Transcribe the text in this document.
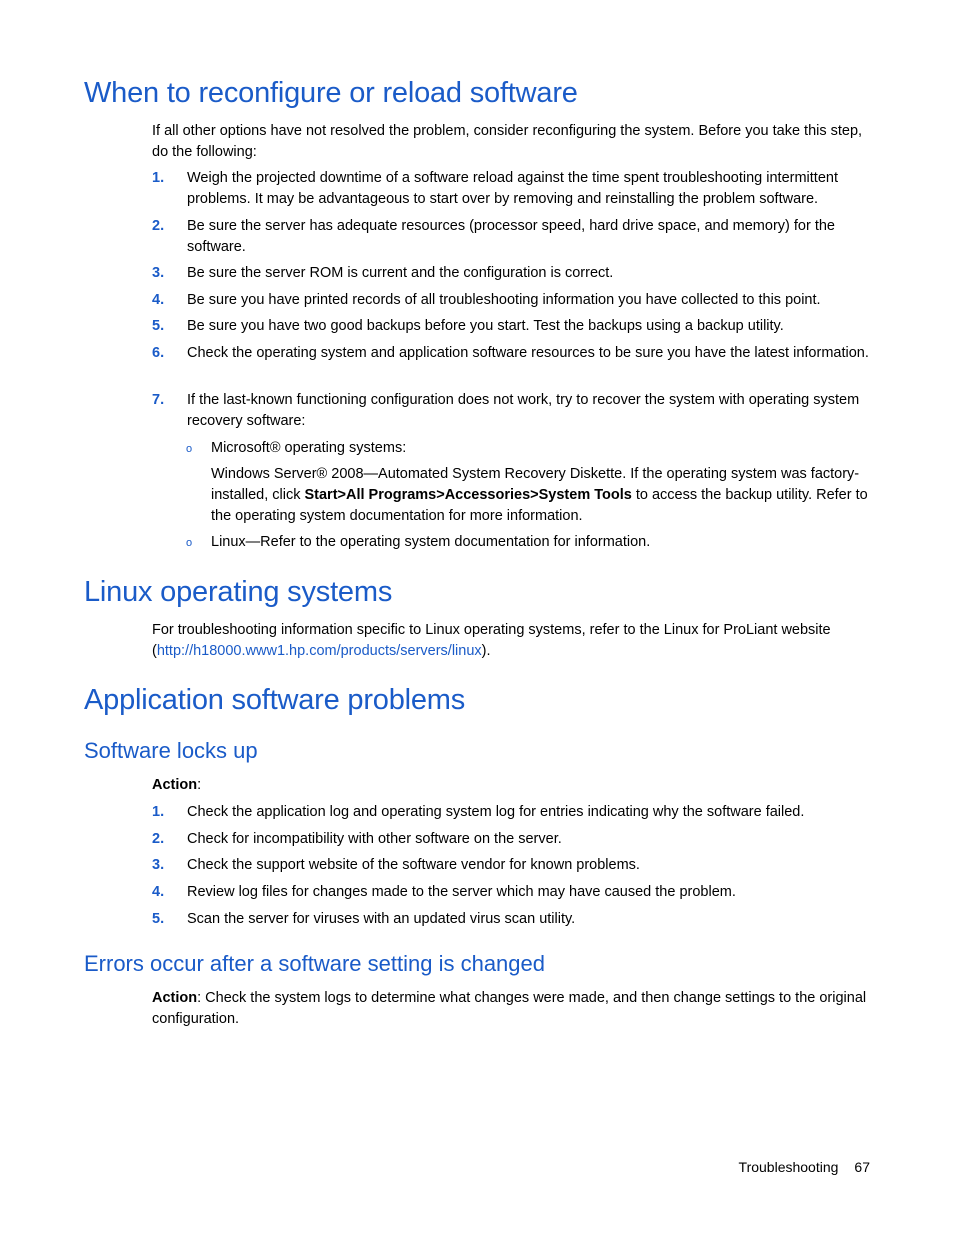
When to reconfigure or reload software

If all other options have not resolved the problem, consider reconfiguring the system. Before you take this step, do the following:

1. Weigh the projected downtime of a software reload against the time spent troubleshooting intermittent problems. It may be advantageous to start over by removing and reinstalling the problem software.

2. Be sure the server has adequate resources (processor speed, hard drive space, and memory) for the software.

3. Be sure the server ROM is current and the configuration is correct.

4. Be sure you have printed records of all troubleshooting information you have collected to this point.

5. Be sure you have two good backups before you start. Test the backups using a backup utility.

6. Check the operating system and application software resources to be sure you have the latest information.

7. If the last-known functioning configuration does not work, try to recover the system with operating system recovery software:

o Microsoft® operating systems:

Windows Server® 2008—Automated System Recovery Diskette. If the operating system was factory-installed, click Start>All Programs>Accessories>System Tools to access the backup utility. Refer to the operating system documentation for more information.

o Linux—Refer to the operating system documentation for information.

Linux operating systems

For troubleshooting information specific to Linux operating systems, refer to the Linux for ProLiant website (http://h18000.www1.hp.com/products/servers/linux).

Application software problems
Software locks up

Action:

1. Check the application log and operating system log for entries indicating why the software failed.

2. Check for incompatibility with other software on the server.

3. Check the support website of the software vendor for known problems.

4. Review log files for changes made to the server which may have caused the problem.

5. Scan the server for viruses with an updated virus scan utility.

Errors occur after a software setting is changed

Action: Check the system logs to determine what changes were made, and then change settings to the original configuration.

Troubleshooting 67
